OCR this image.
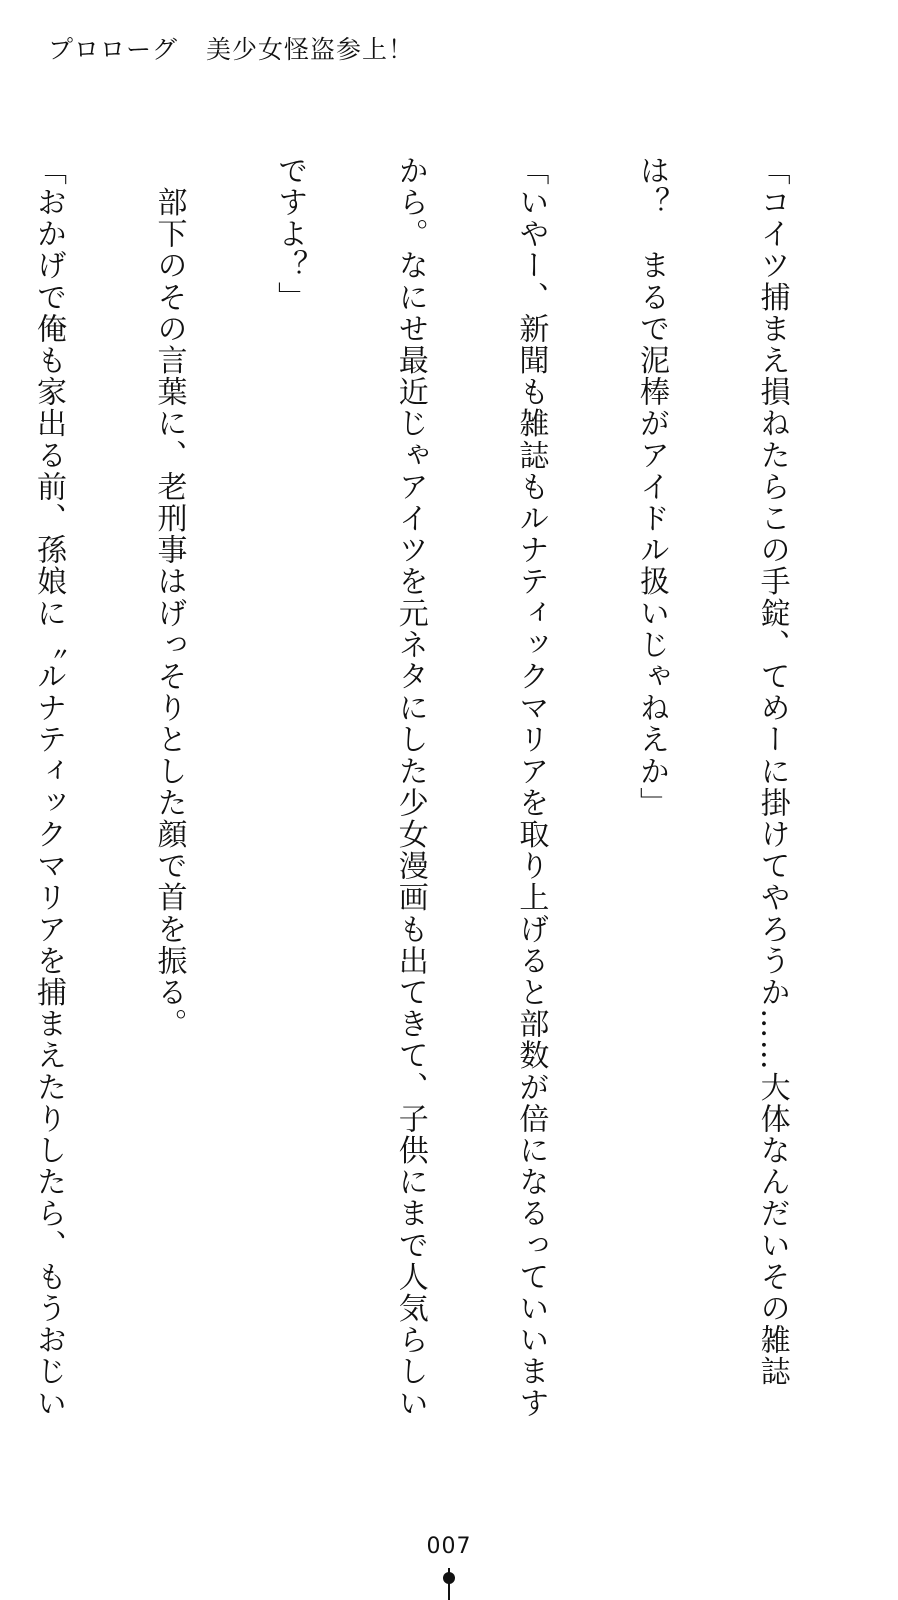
プロローグ 美少女怪盗参上！

「コイツ捕まえ損ねたらこの手錠、てめーに掛けてやろうか……大体なんだいその雑誌

は？　まるで泥棒がアイドル扱いじゃねえか」

「いやー、新聞も雑誌もルナティックマリアを取り上げると部数が倍になるっていいます

から。なにせ最近じゃアイツを元ネタにした少女漫画も出てきて、子供にまで人気らしい

ですよ？」

　部下のその言葉に、老刑事はげっそりとした顔で首を振る。

「おかげで俺も家出る前、孫娘に〝ルナティックマリアを捕まえたりしたら、もうおじい

007
